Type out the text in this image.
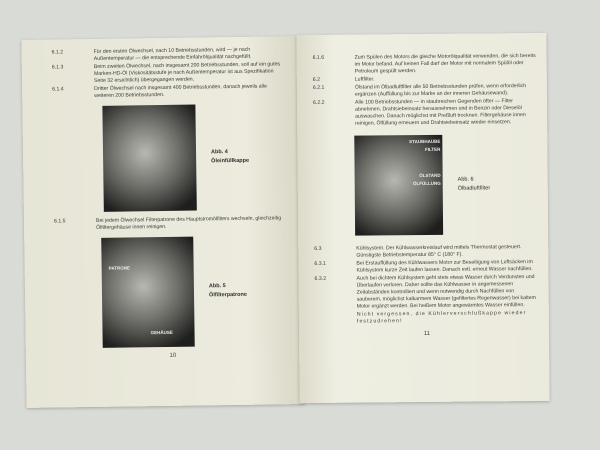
6.1.2	Für den ersten Ölwechsel, nach 10 Betriebsstunden, wird — je nach Außentemperatur — die entsprechende Einfahrölqualität nachgefüllt.
6.1.3	Beim zweiten Ölwechsel, nach insgesamt 200 Betriebsstunden, soll auf ein gutes Marken-HD-Öl (Viskositätsstufe je nach Außentemperatur ist aus Spezifikation Seite 32 ersichtlich) übergegangen werden.
6.1.4	Dritter Ölwechsel nach insgesamt 400 Betriebsstunden, danach jeweils alle weiteren 200 Betriebsstunden.
Abb. 4
Öleinfüllkappe
6.1.5	Bei jedem Ölwechsel Filterpatrone des Hauptstromölfilters wechseln, gleichzeitig Ölfiltergehäuse innen reinigen.
PATRONE
GEHÄUSE
Abb. 5
Ölfilterpatrone
10
6.1.6	Zum Spülen des Motors die gleiche Motorölqualität verwenden, die sich bereits im Motor befand. Auf keinen Fall darf der Motor mit normalem Spülöl oder Petroleum gespült werden.
6.2	Luftfilter.
6.2.1	Ölstand im Ölbadluftfilter alle 50 Betriebsstunden prüfen, wenn erforderlich ergänzen (Auffüllung bis zur Marke an der inneren Gehäusewand).
6.2.2	Alle 100 Betriebsstunden — in staubreichen Gegenden öfter — Filter abnehmen, Drahtsiebeinsatz herausnehmen und in Benzin oder Dieselöl auswaschen. Danach möglichst mit Preßluft trocknen. Filtergehäuse innen reinigen, Ölfüllung erneuern und Drahtsiebeinsatz wieder einsetzen.
STAUBHAUBE
FILTER
ÖLSTAND
ÖLFÜLLUNG
Abb. 6
Ölbadluftfilter
6.3	Kühlsystem. Der Kühlwasserkreislauf wird mittels Thermostat gesteuert. Günstigste Betriebstemperatur 85° C (180° F).
6.3.1	Bei Erstauffüllung des Kühlwassers Motor zur Beseitigung von Luftsäcken im Kühlsystem kurze Zeit laufen lassen. Danach evtl. erneut Wasser nachfüllen.
6.3.2	Auch bei dichtem Kühlsystem geht stets etwas Wasser durch Verdunsten und Überlaufen verloren. Daher sollte das Kühlwasser in angemessenen Zeitabständen kontrolliert und wenn notwendig durch Nachfüllen von sauberem, möglichst kalkarmem Wasser (gefiltertes Regenwasser) bei kaltem Motor ergänzt werden. Bei heißem Motor angewärmtes Wasser einfüllen.
Nicht vergessen, die Kühlerverschlußkappe wieder festzudrehen!
11
